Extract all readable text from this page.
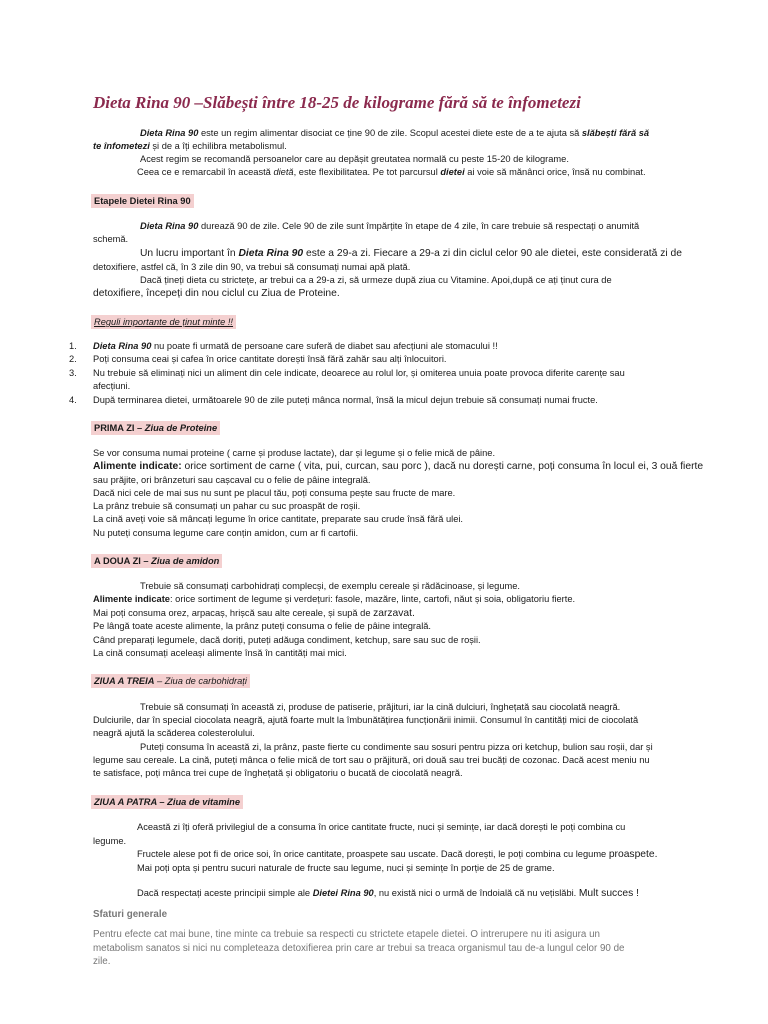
Dieta Rina 90 –Slăbești între 18-25 de kilograme fără să te înfometezi
Dieta Rina 90 este un regim alimentar disociat ce ține 90 de zile. Scopul acestei diete este de a te ajuta să slăbești fără să
te înfometezi și de a îți echilibra metabolismul.
Acest regim se recomandă persoanelor care au depășit greutatea normală cu peste 15-20 de kilograme.
Ceea ce e remarcabil în această dietă, este flexibilitatea. Pe tot parcursul dietei ai voie să mănânci orice, însă nu combinat.
Etapele Dietei Rina 90
Dieta Rina 90 durează 90 de zile. Cele 90 de zile sunt împărțite în etape de 4 zile, în care trebuie să respectați o anumită
schemă.
Un lucru important în Dieta Rina 90 este a 29-a zi. Fiecare a 29-a zi din ciclul celor 90 ale dietei, este considerată zi de
detoxifiere, astfel că, în 3 zile din 90, va trebui să consumați numai apă plată.
Dacă țineți dieta cu strictețe, ar trebui ca a 29-a zi, să urmeze după ziua cu Vitamine. Apoi,după ce ați ținut cura de
detoxifiere, începeți din nou ciclul cu Ziua de Proteine.
Reguli importante de ținut minte !!
1. Dieta Rina 90 nu poate fi urmată de persoane care suferă de diabet sau afecțiuni ale stomacului !!
2. Poți consuma ceai și cafea în orice cantitate dorești însă fără zahăr sau alți înlocuitori.
3. Nu trebuie să eliminați nici un aliment din cele indicate, deoarece au rolul lor, și omiterea unuia poate provoca diferite carențe sau
afecțiuni.
4. După terminarea dietei, următoarele 90 de zile puteți mânca normal, însă la micul dejun trebuie să consumați numai fructe.
PRIMA ZI – Ziua de Proteine
Se vor consuma numai proteine ( carne și produse lactate), dar și legume și o felie mică de pâine.
Alimente indicate: orice sortiment de carne ( vita, pui, curcan, sau porc ), dacă nu dorești carne, poți consuma în locul ei, 3 ouă fierte
sau prăjite, ori brânzeturi sau cașcaval cu o felie de pâine integrală.
Dacă nici cele de mai sus nu sunt pe placul tău, poți consuma pește sau fructe de mare.
La prânz trebuie să consumați un pahar cu suc proaspăt de roșii.
La cină aveți voie să mâncați legume în orice cantitate, preparate sau crude însă fără ulei.
Nu puteți consuma legume care conțin amidon, cum ar fi cartofii.
A DOUA ZI – Ziua de amidon
Trebuie să consumați carbohidrați complecși, de exemplu cereale și rădăcinoase, și legume.
Alimente indicate: orice sortiment de legume și verdețuri: fasole, mazăre, linte, cartofi, năut și soia, obligatoriu fierte.
Mai poți consuma orez, arpacaș, hrișcă sau alte cereale, și supă de zarzavat.
Pe lângă toate aceste alimente, la prânz puteți consuma o felie de pâine integrală.
Când preparați legumele, dacă doriți, puteți adăuga condiment, ketchup, sare sau suc de roșii.
La cină consumați aceleași alimente însă în cantități mai mici.
ZIUA A TREIA – Ziua de carbohidrați
Trebuie să consumați în această zi, produse de patiserie, prăjituri, iar la cină dulciuri, înghețată sau ciocolată neagră.
Dulciurile, dar în special ciocolata neagră, ajută foarte mult la îmbunătățirea funcționării inimii. Consumul în cantități mici de ciocolată
neagră ajută la scăderea colesterolului.
Puteți consuma în această zi, la prânz, paste fierte cu condimente sau sosuri pentru pizza ori ketchup, bulion sau roșii, dar și
legume sau cereale. La cină, puteți mânca o felie mică de tort sau o prăjitură, ori două sau trei bucăți de cozonac. Dacă acest meniu nu
te satisface, poți mânca trei cupe de înghețată și obligatoriu o bucată de ciocolată neagră.
ZIUA A PATRA – Ziua de vitamine
Această zi îți oferă privilegiul de a consuma în orice cantitate fructe, nuci și semințe, iar dacă dorești le poți combina cu
legume.
Fructele alese pot fi de orice soi, în orice cantitate, proaspete sau uscate. Dacă dorești, le poți combina cu legume proaspete.
Mai poți opta și pentru sucuri naturale de fructe sau legume, nuci și semințe în porție de 25 de grame.
Dacă respectați aceste principii simple ale Dietei Rina 90, nu există nici o urmă de îndoială că nu vețislăbi. Mult succes !
Sfaturi generale
Pentru efecte cat mai bune, tine minte ca trebuie sa respecti cu strictete etapele dietei. O intrerupere nu iti asigura un
metabolism sanatos si nici nu completeaza detoxifierea prin care ar trebui sa treaca organismul tau de-a lungul celor 90 de
zile.
